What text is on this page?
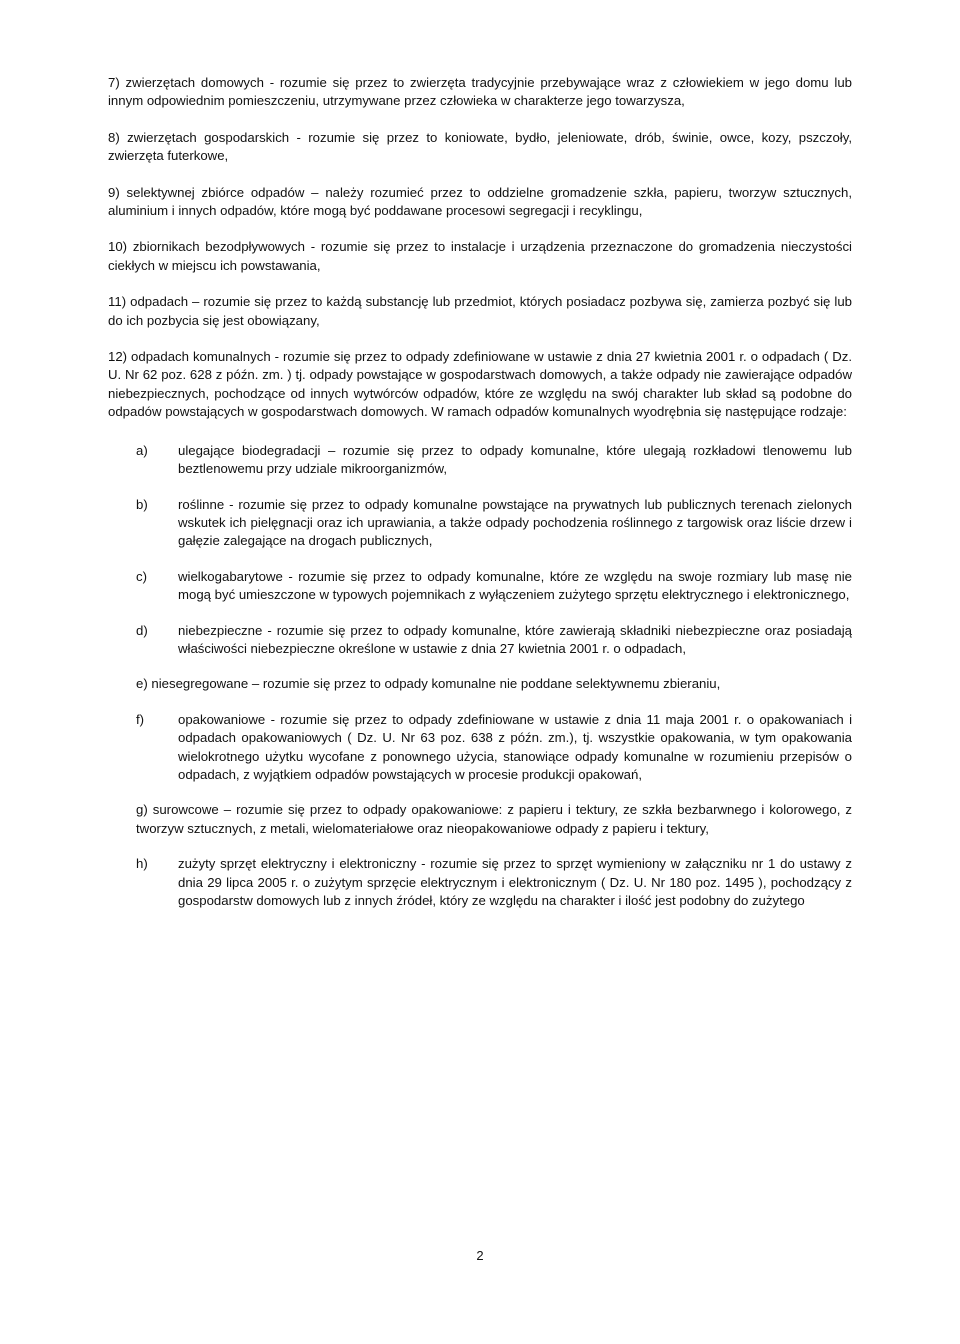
7) zwierzętach domowych - rozumie się przez to zwierzęta tradycyjnie przebywające wraz z człowiekiem w jego domu lub innym odpowiednim pomieszczeniu, utrzymywane przez człowieka w charakterze jego towarzysza,
8) zwierzętach gospodarskich - rozumie się przez to koniowate, bydło, jeleniowate, drób, świnie, owce, kozy, pszczoły, zwierzęta futerkowe,
9) selektywnej zbiórce odpadów – należy rozumieć przez to oddzielne gromadzenie szkła, papieru, tworzyw sztucznych, aluminium i innych odpadów, które mogą być poddawane procesowi segregacji i recyklingu,
10) zbiornikach bezodpływowych - rozumie się przez to instalacje i urządzenia przeznaczone do gromadzenia nieczystości ciekłych w miejscu ich powstawania,
11) odpadach – rozumie się przez to każdą substancję lub przedmiot, których posiadacz pozbywa się, zamierza pozbyć się lub do ich pozbycia się jest obowiązany,
12) odpadach komunalnych - rozumie się przez to odpady zdefiniowane w ustawie z dnia 27 kwietnia 2001 r. o odpadach ( Dz. U. Nr 62 poz. 628 z późn. zm. ) tj. odpady powstające w gospodarstwach domowych, a także odpady nie zawierające odpadów niebezpiecznych, pochodzące od innych wytwórców odpadów, które ze względu na swój charakter lub skład są podobne do odpadów powstających w gospodarstwach domowych. W ramach odpadów komunalnych wyodrębnia się następujące rodzaje:
a) ulegające biodegradacji – rozumie się przez to odpady komunalne, które ulegają rozkładowi tlenowemu lub beztlenowemu przy udziale mikroorganizmów,
b) roślinne - rozumie się przez to odpady komunalne powstające na prywatnych lub publicznych terenach zielonych wskutek ich pielęgnacji oraz ich uprawiania, a także odpady pochodzenia roślinnego z targowisk oraz liście drzew i gałęzie zalegające na drogach publicznych,
c) wielkogabarytowe - rozumie się przez to odpady komunalne, które ze względu na swoje rozmiary lub masę nie mogą być umieszczone w typowych pojemnikach z wyłączeniem zużytego sprzętu elektrycznego i elektronicznego,
d) niebezpieczne - rozumie się przez to odpady komunalne, które zawierają składniki niebezpieczne oraz posiadają właściwości niebezpieczne określone w ustawie z dnia 27 kwietnia 2001 r. o odpadach,
e) niesegregowane – rozumie się przez to odpady komunalne nie poddane selektywnemu zbieraniu,
f)	opakowaniowe - rozumie się przez to odpady zdefiniowane w ustawie z dnia 11 maja 2001 r. o opakowaniach i odpadach opakowaniowych ( Dz. U. Nr 63 poz. 638 z późn. zm.), tj. wszystkie opakowania, w tym opakowania wielokrotnego użytku wycofane z ponownego użycia, stanowiące odpady komunalne w rozumieniu przepisów o odpadach, z wyjątkiem odpadów powstających w procesie produkcji opakowań,
g) surowcowe – rozumie się przez to odpady opakowaniowe: z papieru i tektury, ze szkła bezbarwnego i kolorowego, z tworzyw sztucznych, z metali, wielomateriałowe oraz nieopakowaniowe odpady z papieru i tektury,
h) zużyty sprzęt elektryczny i elektroniczny - rozumie się przez to sprzęt wymieniony w załączniku nr 1 do ustawy z dnia 29 lipca 2005 r. o zużytym sprzęcie elektrycznym i elektronicznym ( Dz. U. Nr 180 poz. 1495 ), pochodzący z gospodarstw domowych lub z innych źródeł, który ze względu na charakter i ilość jest podobny do zużytego
2
